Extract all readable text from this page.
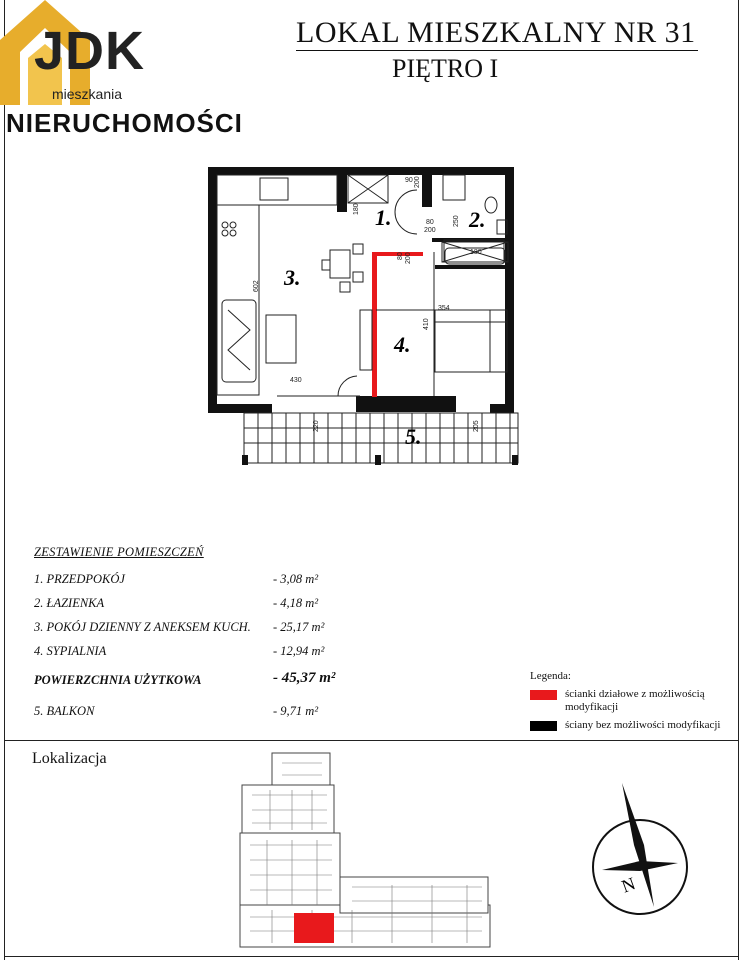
JDK
mieszkania
NIERUCHOMOŚCI
LOKAL MIESZKALNY NR 31
PIĘTRO I
1.	2.
3.
4.
5.
90 200
180
250
80
200
80 200	180
602
354
410
430
220	205
ZESTAWIENIE POMIESZCZEŃ
1. PRZEDPOKÓJ	- 3,08 m²
2. ŁAZIENKA	- 4,18 m²
3. POKÓJ DZIENNY Z ANEKSEM KUCH. - 25,17 m²
4. SYPIALNIA	- 12,94 m²
POWIERZCHNIA UŻYTKOWA	- 45,37 m²
5. BALKON	- 9,71 m²
Legenda:
ścianki działowe z możliwością
modyfikacji
ściany bez możliwości modyfikacji
Lokalizacja
N
